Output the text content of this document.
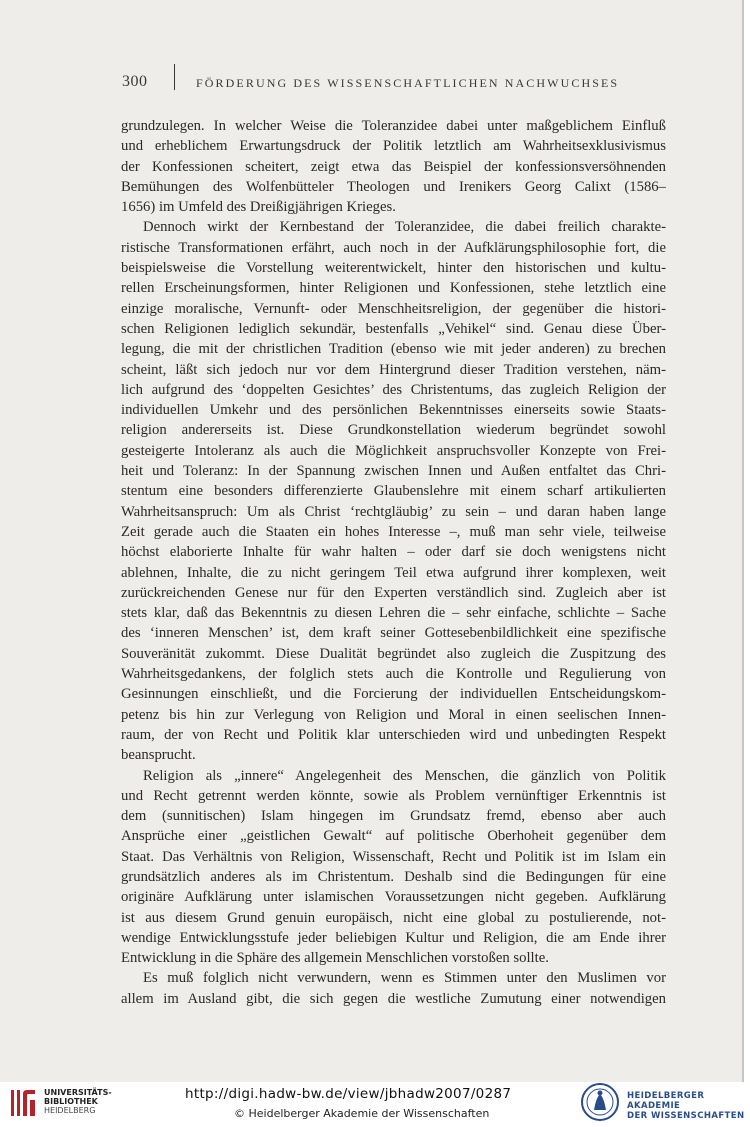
300	FÖRDERUNG DES WISSENSCHAFTLICHEN NACHWUCHSES
grundzulegen. In welcher Weise die Toleranzidee dabei unter maßgeblichem Einfluß
und erheblichem Erwartungsdruck der Politik letztlich am Wahrheitsexklusivismus
der Konfessionen scheitert, zeigt etwa das Beispiel der konfessionsversöhnenden
Bemühungen des Wolfenbütteler Theologen und Irenikers Georg Calixt (1586–
1656) im Umfeld des Dreißigjährigen Krieges.
Dennoch wirkt der Kernbestand der Toleranzidee, die dabei freilich charakte-
ristische Transformationen erfährt, auch noch in der Aufklärungsphilosophie fort, die
beispielsweise die Vorstellung weiterentwickelt, hinter den historischen und kultu-
rellen Erscheinungsformen, hinter Religionen und Konfessionen, stehe letztlich eine
einzige moralische, Vernunft- oder Menschheitsreligion, der gegenüber die histori-
schen Religionen lediglich sekundär, bestenfalls „Vehikel“ sind. Genau diese Über-
legung, die mit der christlichen Tradition (ebenso wie mit jeder anderen) zu brechen
scheint, läßt sich jedoch nur vor dem Hintergrund dieser Tradition verstehen, näm-
lich aufgrund des ‘doppelten Gesichtes’ des Christentums, das zugleich Religion der
individuellen Umkehr und des persönlichen Bekenntnisses einerseits sowie Staats-
religion andererseits ist. Diese Grundkonstellation wiederum begründet sowohl
gesteigerte Intoleranz als auch die Möglichkeit anspruchsvoller Konzepte von Frei-
heit und Toleranz: In der Spannung zwischen Innen und Außen entfaltet das Chri-
stentum eine besonders differenzierte Glaubenslehre mit einem scharf artikulierten
Wahrheitsanspruch: Um als Christ ‘rechtgläubig’ zu sein – und daran haben lange
Zeit gerade auch die Staaten ein hohes Interesse –, muß man sehr viele, teilweise
höchst elaborierte Inhalte für wahr halten – oder darf sie doch wenigstens nicht
ablehnen, Inhalte, die zu nicht geringem Teil etwa aufgrund ihrer komplexen, weit
zurückreichenden Genese nur für den Experten verständlich sind. Zugleich aber ist
stets klar, daß das Bekenntnis zu diesen Lehren die – sehr einfache, schlichte – Sache
des ‘inneren Menschen’ ist, dem kraft seiner Gottesebenbildlichkeit eine spezifische
Souveränität zukommt. Diese Dualität begründet also zugleich die Zuspitzung des
Wahrheitsgedankens, der folglich stets auch die Kontrolle und Regulierung von
Gesinnungen einschließt, und die Forcierung der individuellen Entscheidungskom-
petenz bis hin zur Verlegung von Religion und Moral in einen seelischen Innen-
raum, der von Recht und Politik klar unterschieden wird und unbedingten Respekt
beansprucht.
Religion als „innere“ Angelegenheit des Menschen, die gänzlich von Politik
und Recht getrennt werden könnte, sowie als Problem vernünftiger Erkenntnis ist
dem (sunnitischen) Islam hingegen im Grundsatz fremd, ebenso aber auch
Ansprüche einer „geistlichen Gewalt“ auf politische Oberhoheit gegenüber dem
Staat. Das Verhältnis von Religion, Wissenschaft, Recht und Politik ist im Islam ein
grundsätzlich anderes als im Christentum. Deshalb sind die Bedingungen für eine
originäre Aufklärung unter islamischen Voraussetzungen nicht gegeben. Aufklärung
ist aus diesem Grund genuin europäisch, nicht eine global zu postulierende, not-
wendige Entwicklungsstufe jeder beliebigen Kultur und Religion, die am Ende ihrer
Entwicklung in die Sphäre des allgemein Menschlichen vorstoßen sollte.
Es muß folglich nicht verwundern, wenn es Stimmen unter den Muslimen vor
allem im Ausland gibt, die sich gegen die westliche Zumutung einer notwendigen
UNIVERSITÄTS-
BIBLIOTHEK
HEIDELBERG
http://digi.hadw-bw.de/view/jbhadw2007/0287
© Heidelberger Akademie der Wissenschaften
HEIDELBERGER AKADEMIE
DER WISSENSCHAFTEN
